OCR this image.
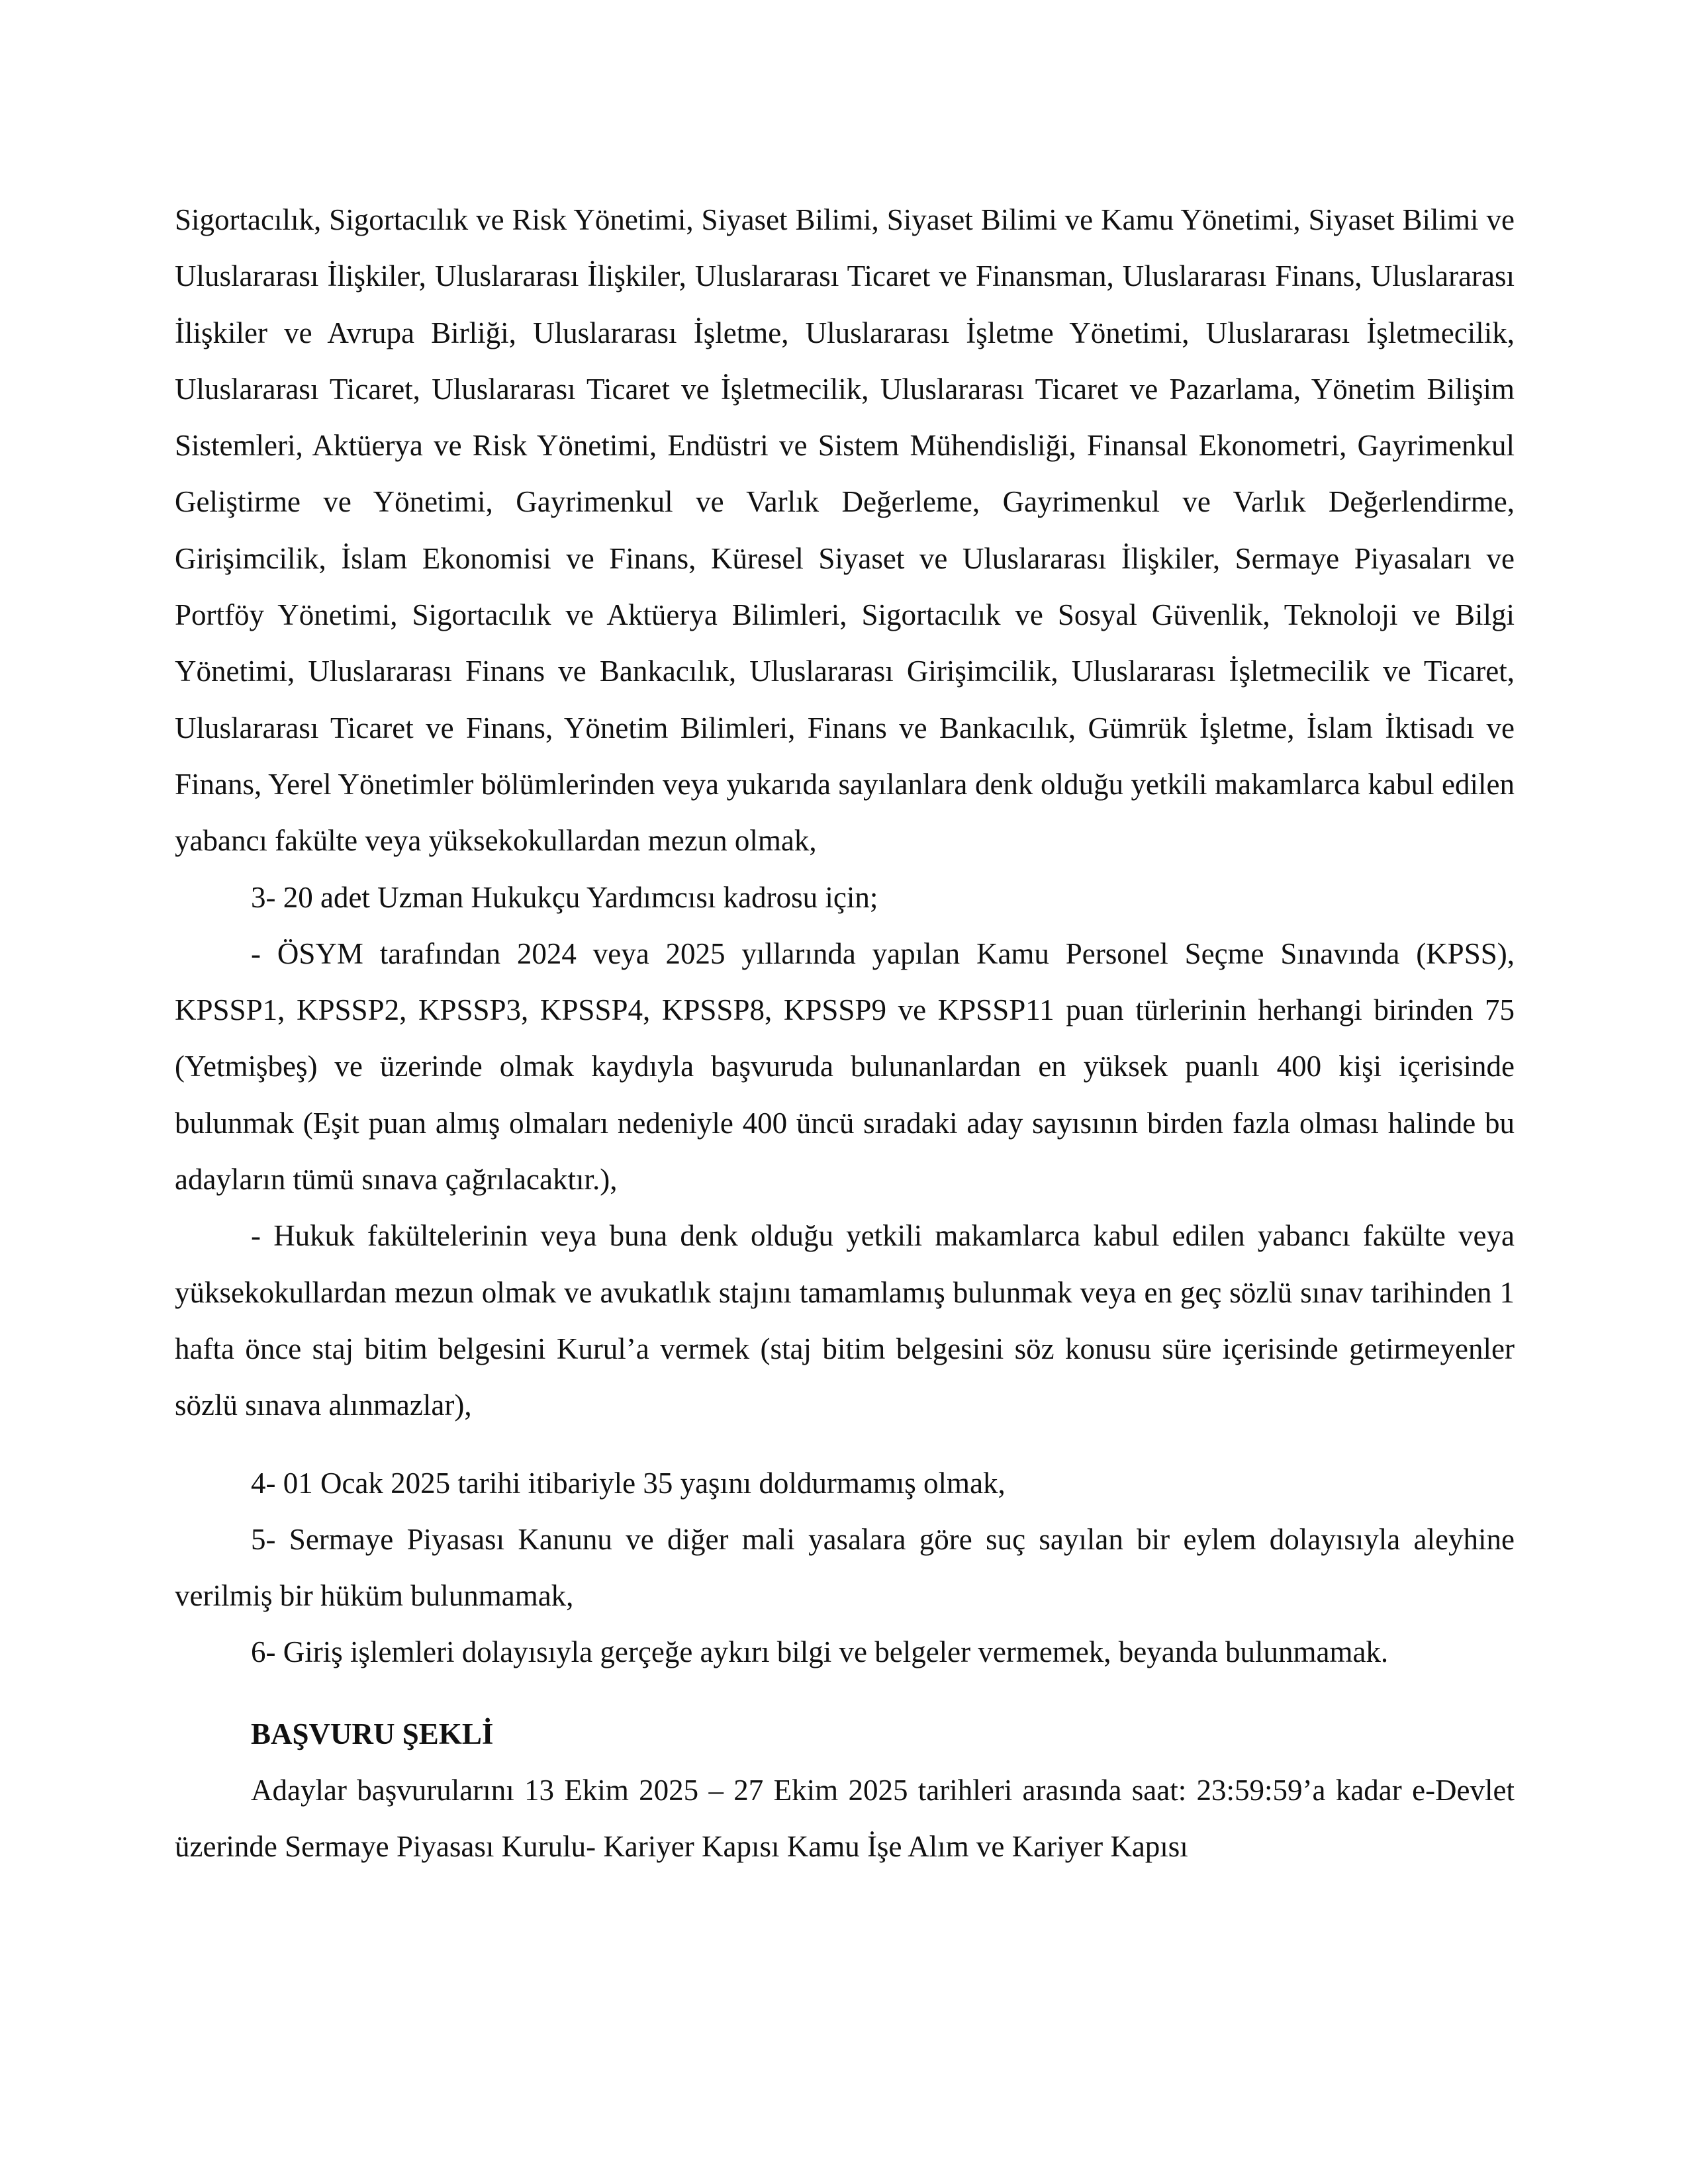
Sigortacılık, Sigortacılık ve Risk Yönetimi, Siyaset Bilimi, Siyaset Bilimi ve Kamu Yönetimi, Siyaset Bilimi ve Uluslararası İlişkiler, Uluslararası İlişkiler, Uluslararası Ticaret ve Finansman, Uluslararası Finans, Uluslararası İlişkiler ve Avrupa Birliği, Uluslararası İşletme, Uluslararası İşletme Yönetimi, Uluslararası İşletmecilik, Uluslararası Ticaret, Uluslararası Ticaret ve İşletmecilik, Uluslararası Ticaret ve Pazarlama, Yönetim Bilişim Sistemleri, Aktüerya ve Risk Yönetimi, Endüstri ve Sistem Mühendisliği, Finansal Ekonometri, Gayrimenkul Geliştirme ve Yönetimi, Gayrimenkul ve Varlık Değerleme, Gayrimenkul ve Varlık Değerlendirme, Girişimcilik, İslam Ekonomisi ve Finans, Küresel Siyaset ve Uluslararası İlişkiler, Sermaye Piyasaları ve Portföy Yönetimi, Sigortacılık ve Aktüerya Bilimleri, Sigortacılık ve Sosyal Güvenlik, Teknoloji ve Bilgi Yönetimi, Uluslararası Finans ve Bankacılık, Uluslararası Girişimcilik, Uluslararası İşletmecilik ve Ticaret, Uluslararası Ticaret ve Finans, Yönetim Bilimleri, Finans ve Bankacılık, Gümrük İşletme, İslam İktisadı ve Finans, Yerel Yönetimler bölümlerinden veya yukarıda sayılanlara denk olduğu yetkili makamlarca kabul edilen yabancı fakülte veya yüksekokullardan mezun olmak,

3- 20 adet Uzman Hukukçu Yardımcısı kadrosu için;

- ÖSYM tarafından 2024 veya 2025 yıllarında yapılan Kamu Personel Seçme Sınavında (KPSS), KPSSP1, KPSSP2, KPSSP3, KPSSP4, KPSSP8, KPSSP9 ve KPSSP11 puan türlerinin herhangi birinden 75 (Yetmişbeş) ve üzerinde olmak kaydıyla başvuruda bulunanlardan en yüksek puanlı 400 kişi içerisinde bulunmak (Eşit puan almış olmaları nedeniyle 400 üncü sıradaki aday sayısının birden fazla olması halinde bu adayların tümü sınava çağrılacaktır.),

- Hukuk fakültelerinin veya buna denk olduğu yetkili makamlarca kabul edilen yabancı fakülte veya yüksekokullardan mezun olmak ve avukatlık stajını tamamlamış bulunmak veya en geç sözlü sınav tarihinden 1 hafta önce staj bitim belgesini Kurul’a vermek (staj bitim belgesini söz konusu süre içerisinde getirmeyenler sözlü sınava alınmazlar),

4- 01 Ocak 2025 tarihi itibariyle 35 yaşını doldurmamış olmak,

5- Sermaye Piyasası Kanunu ve diğer mali yasalara göre suç sayılan bir eylem dolayısıyla aleyhine verilmiş bir hüküm bulunmamak,

6- Giriş işlemleri dolayısıyla gerçeğe aykırı bilgi ve belgeler vermemek, beyanda bulunmamak.

BAŞVURU ŞEKLİ

Adaylar başvurularını 13 Ekim 2025 – 27 Ekim 2025 tarihleri arasında saat: 23:59:59’a kadar e-Devlet üzerinde Sermaye Piyasası Kurulu- Kariyer Kapısı Kamu İşe Alım ve Kariyer Kapısı
